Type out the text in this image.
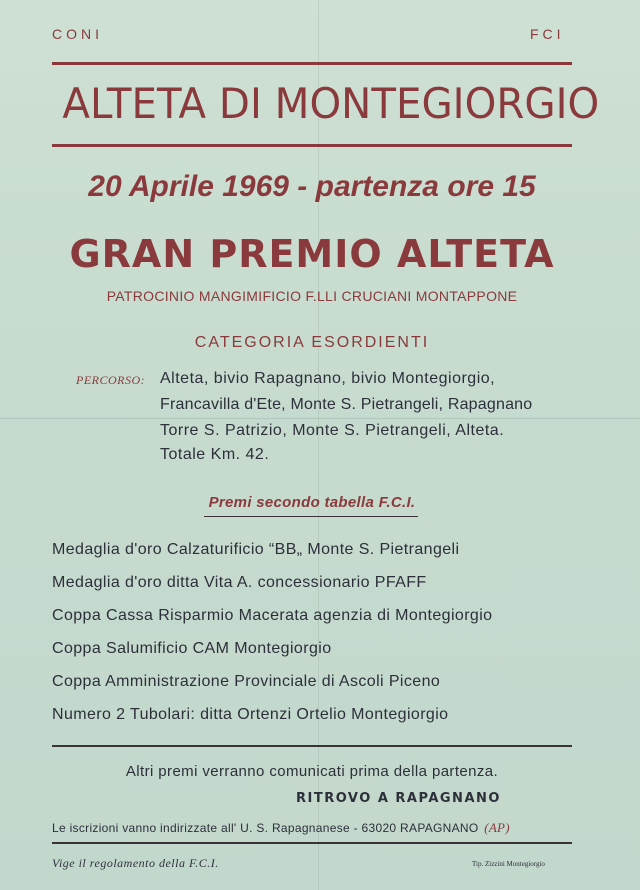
CONI	FCI
ALTETA DI MONTEGIORGIO
20 Aprile 1969 - partenza ore 15
GRAN PREMIO ALTETA
PATROCINIO MANGIMIFICIO F.LLI CRUCIANI MONTAPPONE
CATEGORIA ESORDIENTI
PERCORSO: Alteta, bivio Rapagnano, bivio Montegiorgio,
Francavilla d'Ete, Monte S. Pietrangeli, Rapagnano
Torre S. Patrizio, Monte S. Pietrangeli, Alteta.
Totale Km. 42.
Premi secondo tabella F.C.I.
Medaglia d'oro Calzaturificio “BB„ Monte S. Pietrangeli
Medaglia d'oro ditta Vita A. concessionario PFAFF
Coppa Cassa Risparmio Macerata agenzia di Montegiorgio
Coppa Salumificio CAM Montegiorgio
Coppa Amministrazione Provinciale di Ascoli Piceno
Numero 2 Tubolari: ditta Ortenzi Ortelio Montegiorgio
Altri premi verranno comunicati prima della partenza.
RITROVO A RAPAGNANO
Le iscrizioni vanno indirizzate all' U. S. Rapagnanese - 63020 RAPAGNANO (AP)
Vige il regolamento della F.C.I.	Tip. Zizzini Montegiorgio
